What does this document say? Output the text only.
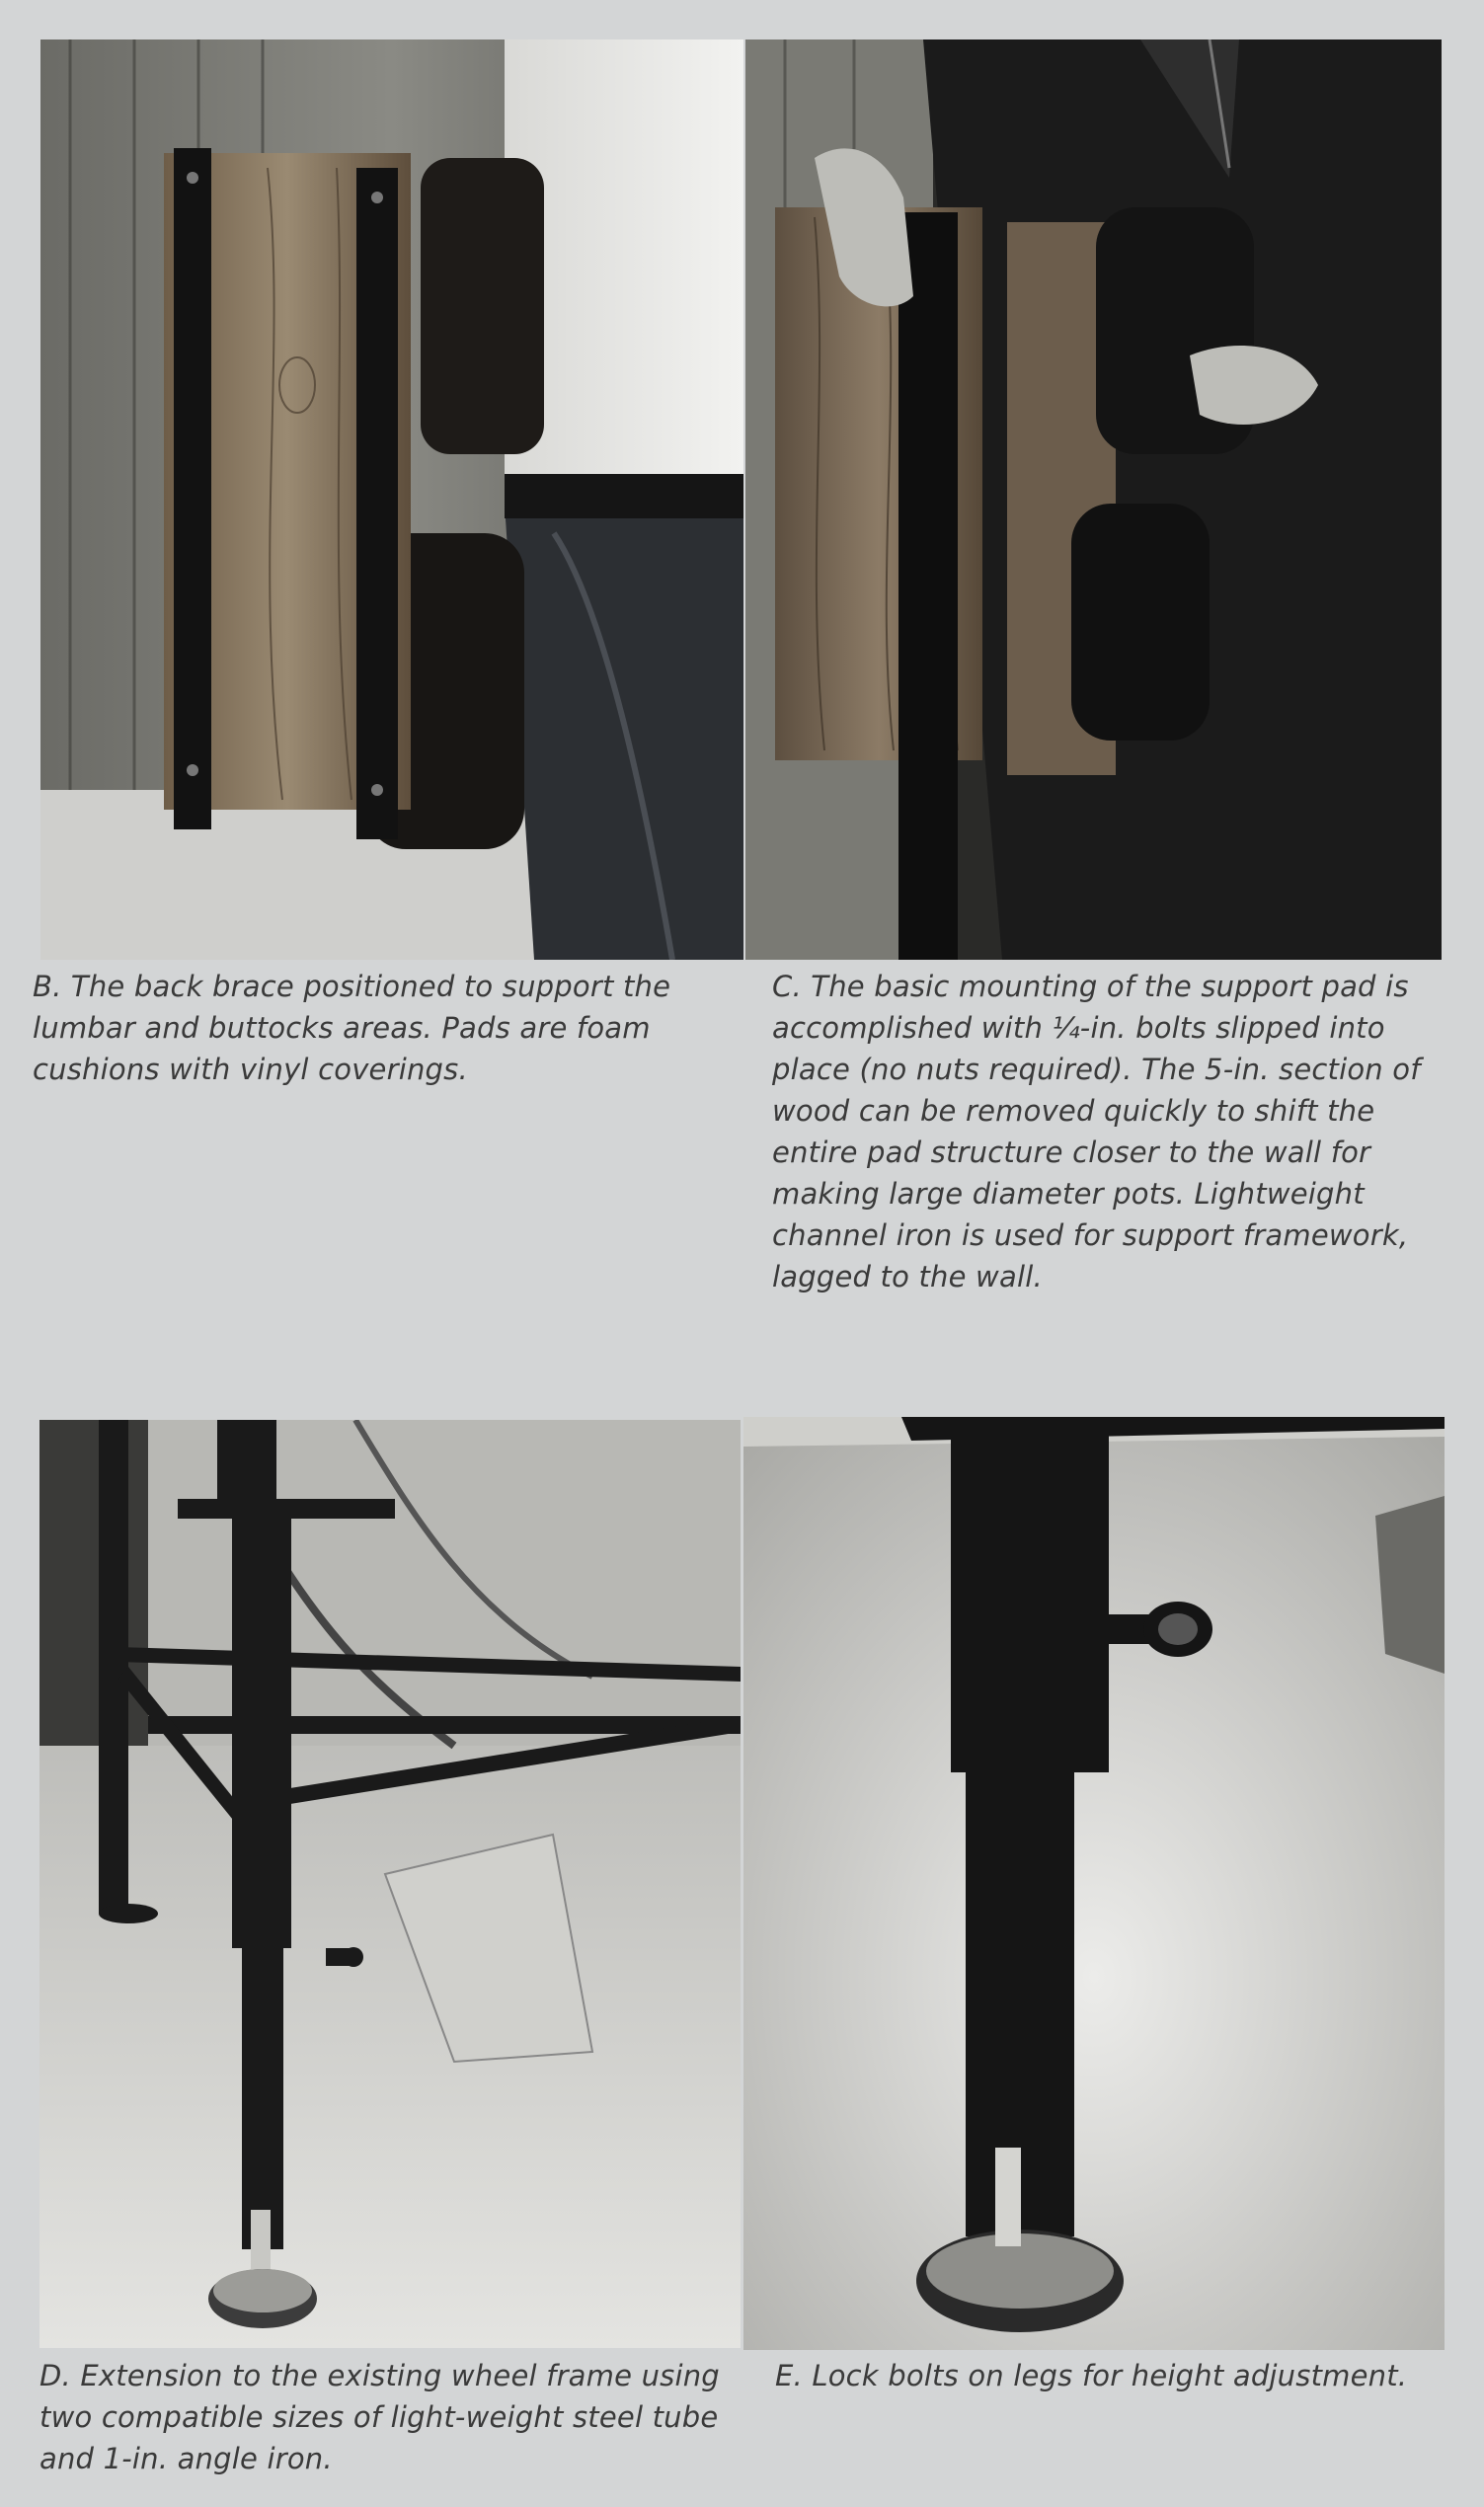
B. The back brace positioned to support the lumbar and buttocks areas. Pads are foam cushions with vinyl coverings.

C. The basic mounting of the support pad is accomplished with ¼-in. bolts slipped into place (no nuts required). The 5-in. section of wood can be removed quickly to shift the entire pad structure closer to the wall for making large diameter pots. Lightweight channel iron is used for support framework, lagged to the wall.

D. Extension to the existing wheel frame using two compatible sizes of light-weight steel tube and 1-in. angle iron.

E. Lock bolts on legs for height adjustment.
